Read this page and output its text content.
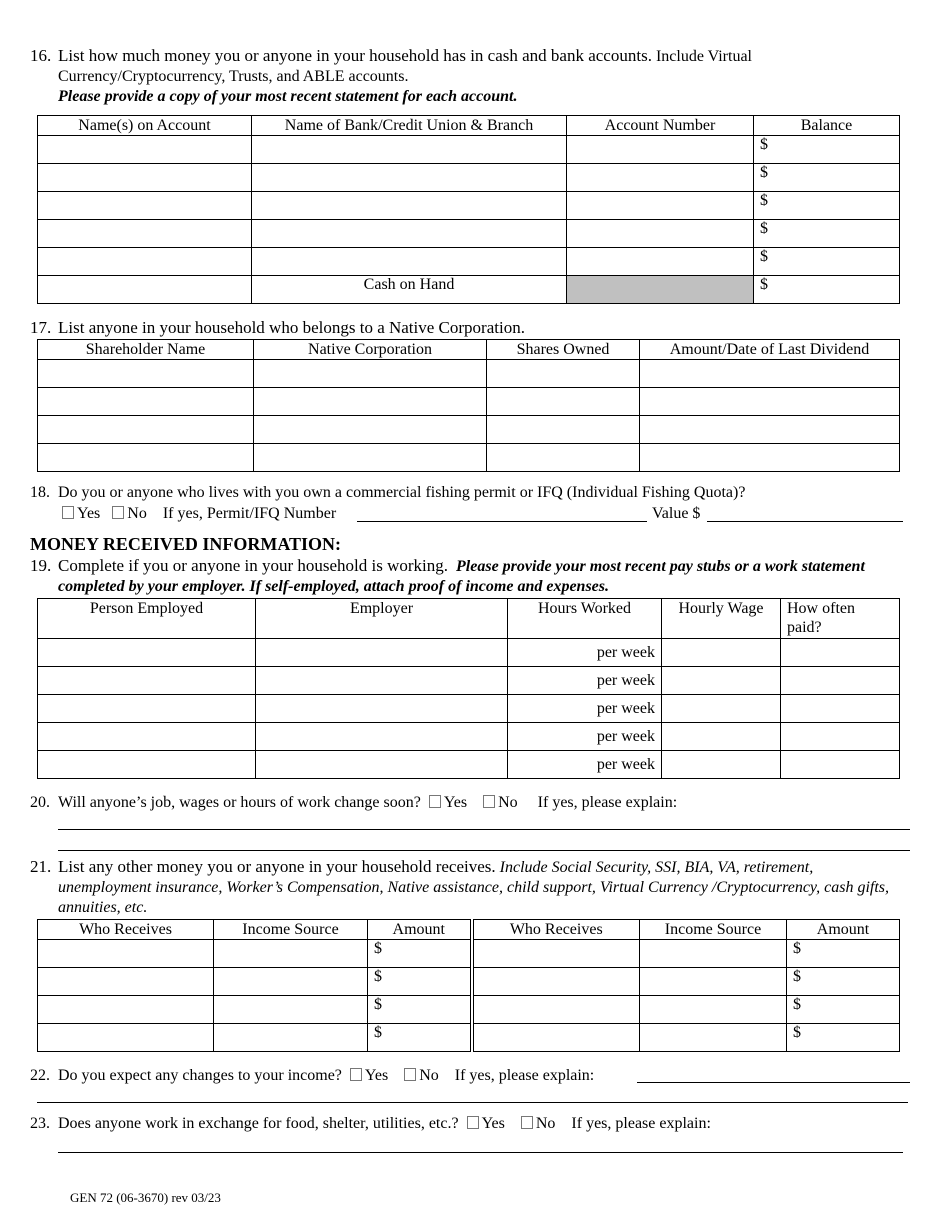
16. List how much money you or anyone in your household has in cash and bank accounts. Include Virtual Currency/Cryptocurrency, Trusts, and ABLE accounts.
Please provide a copy of your most recent statement for each account.
Name(s) on Account	Name of Bank/Credit Union & Branch	Account Number	Balance
			$
			$
			$
			$
			$
	Cash on Hand		$
17. List anyone in your household who belongs to a Native Corporation.
Shareholder Name	Native Corporation	Shares Owned	Amount/Date of Last Dividend

18. Do you or anyone who lives with you own a commercial fishing permit or IFQ (Individual Fishing Quota)?
Yes No If yes, Permit/IFQ Number	Value $
MONEY RECEIVED INFORMATION:
19. Complete if you or anyone in your household is working. Please provide your most recent pay stubs or a work statement completed by your employer. If self-employed, attach proof of income and expenses.
Person Employed	Employer	Hours Worked	Hourly Wage	How often paid?
		per week		
		per week		
		per week		
		per week		
		per week		
20. Will anyone’s job, wages or hours of work change soon? Yes No If yes, please explain:
21. List any other money you or anyone in your household receives. Include Social Security, SSI, BIA, VA, retirement, unemployment insurance, Worker’s Compensation, Native assistance, child support, Virtual Currency /Cryptocurrency, cash gifts, annuities, etc.
Who Receives	Income Source	Amount	Who Receives	Income Source	Amount
		$			$
		$			$
		$			$
		$			$
22. Do you expect any changes to your income? Yes No If yes, please explain:
23. Does anyone work in exchange for food, shelter, utilities, etc.? Yes No If yes, please explain:
GEN 72 (06-3670) rev 03/23
